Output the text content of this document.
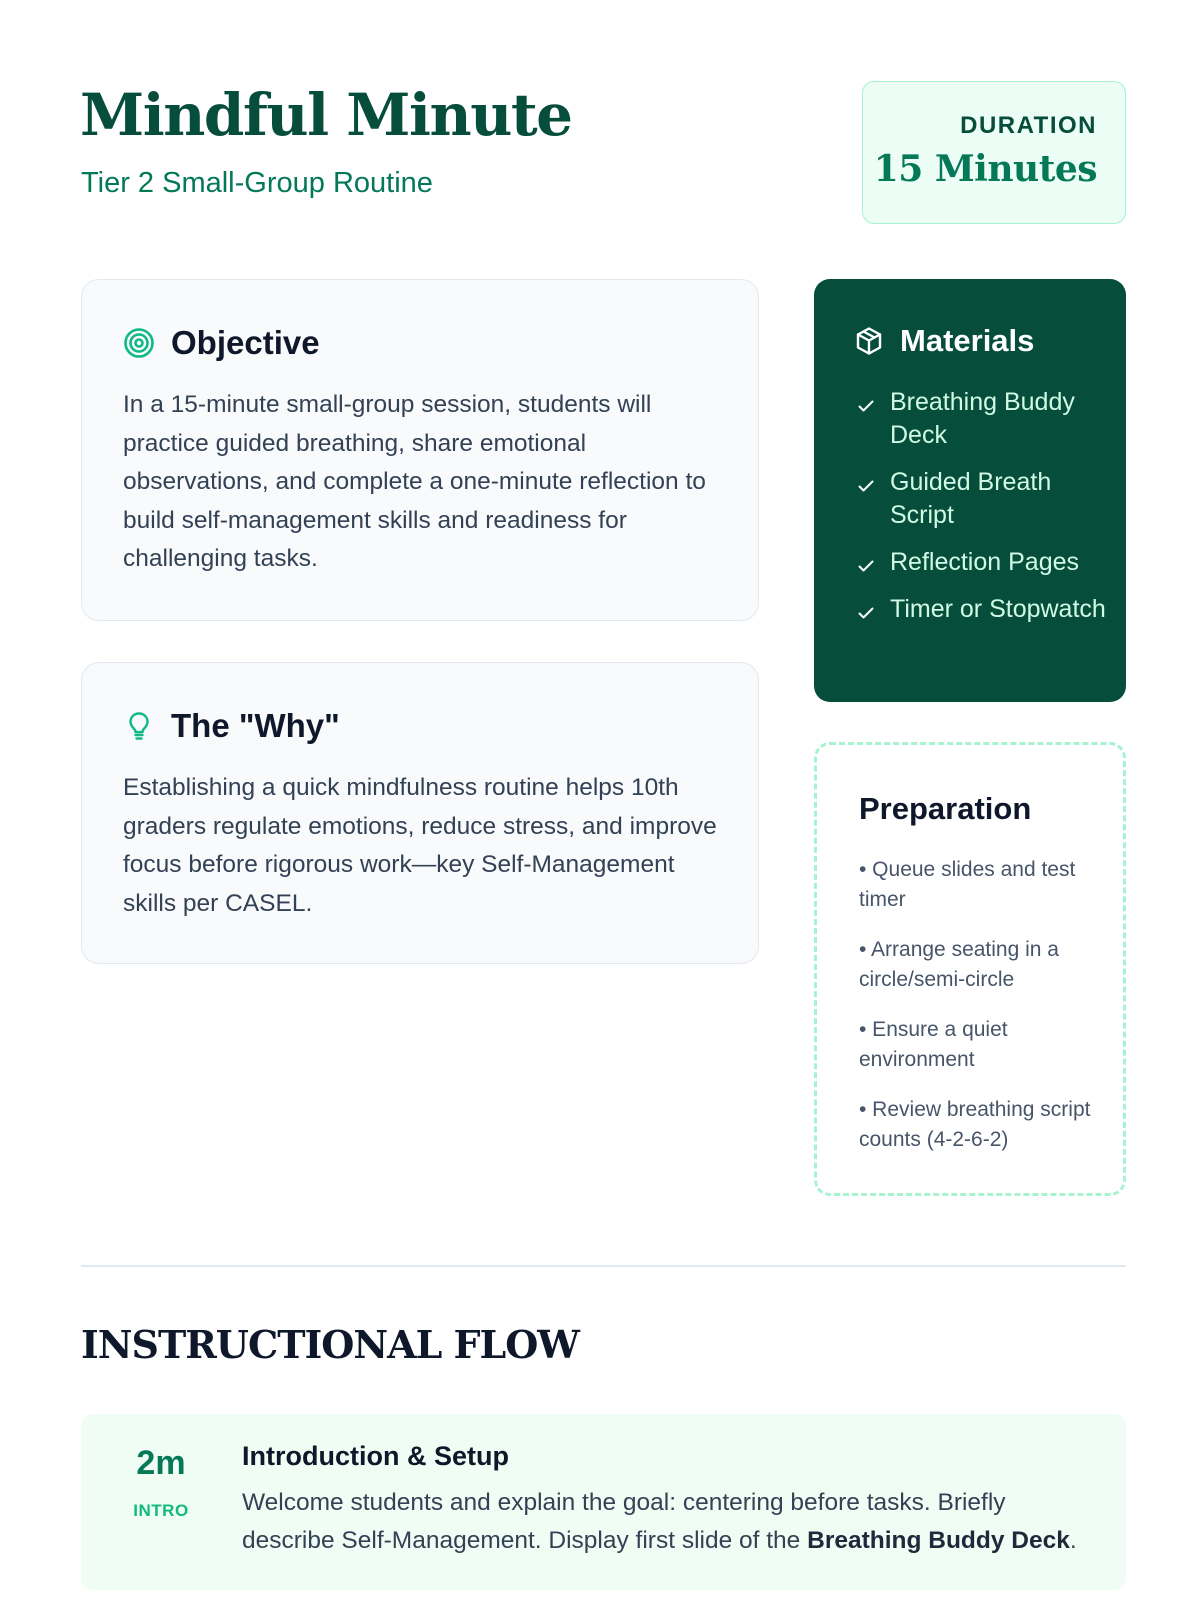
Mindful Minute
Tier 2 Small-Group Routine
DURATION
15 Minutes
Objective

In a 15-minute small-group session, students will practice guided breathing, share emotional observations, and complete a one-minute reflection to build self-management skills and readiness for challenging tasks.

The "Why"

Establishing a quick mindfulness routine helps 10th graders regulate emotions, reduce stress, and improve focus before rigorous work—key Self-Management skills per CASEL.

Materials
Breathing Buddy Deck
Guided Breath Script
Reflection Pages
Timer or Stopwatch
Preparation
• Queue slides and test timer
• Arrange seating in a circle/semi-circle
• Ensure a quiet environment
• Review breathing script counts (4-2-6-2)
INSTRUCTIONAL FLOW
2m
INTRO
Introduction & Setup

Welcome students and explain the goal: centering before tasks. Briefly describe Self-Management. Display first slide of the Breathing Buddy Deck.
